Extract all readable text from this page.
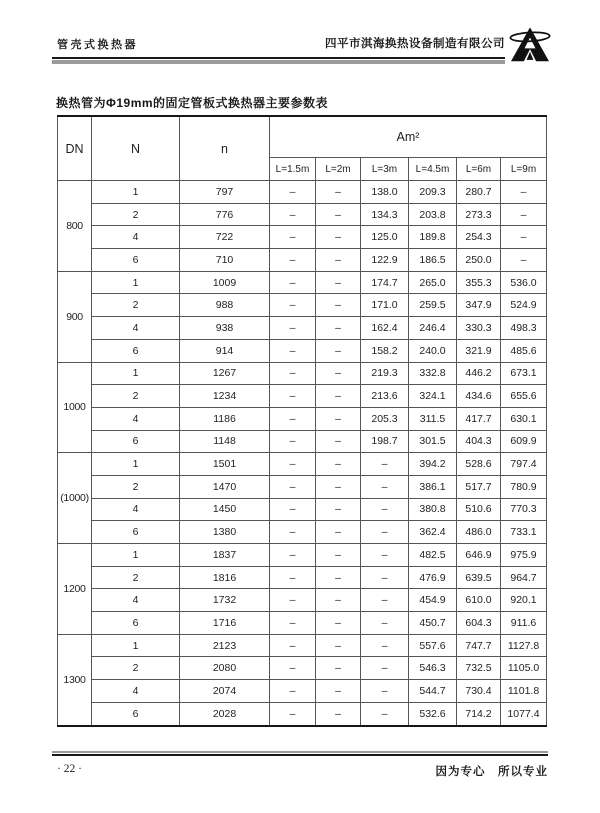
管壳式换热器	四平市淇海换热设备制造有限公司
换热管为Φ19mm的固定管板式换热器主要参数表
DN	N	n	Am²					
			L=1.5m	L=2m	L=3m	L=4.5m	L=6m	L=9m
800	1	797	–	–	138.0	209.3	280.7	–
	2	776	–	–	134.3	203.8	273.3	–
	4	722	–	–	125.0	189.8	254.3	–
	6	710	–	–	122.9	186.5	250.0	–
900	1	1009	–	–	174.7	265.0	355.3	536.0
	2	988	–	–	171.0	259.5	347.9	524.9
	4	938	–	–	162.4	246.4	330.3	498.3
	6	914	–	–	158.2	240.0	321.9	485.6
1000	1	1267	–	–	219.3	332.8	446.2	673.1
	2	1234	–	–	213.6	324.1	434.6	655.6
	4	1186	–	–	205.3	311.5	417.7	630.1
	6	1148	–	–	198.7	301.5	404.3	609.9
(1000)	1	1501	–	–	–	394.2	528.6	797.4
	2	1470	–	–	–	386.1	517.7	780.9
	4	1450	–	–	–	380.8	510.6	770.3
	6	1380	–	–	–	362.4	486.0	733.1
1200	1	1837	–	–	–	482.5	646.9	975.9
	2	1816	–	–	–	476.9	639.5	964.7
	4	1732	–	–	–	454.9	610.0	920.1
	6	1716	–	–	–	450.7	604.3	911.6
1300	1	2123	–	–	–	557.6	747.7	1127.8
	2	2080	–	–	–	546.3	732.5	1105.0
	4	2074	–	–	–	544.7	730.4	1101.8
	6	2028	–	–	–	532.6	714.2	1077.4
· 22 ·	因为专心　所以专业
